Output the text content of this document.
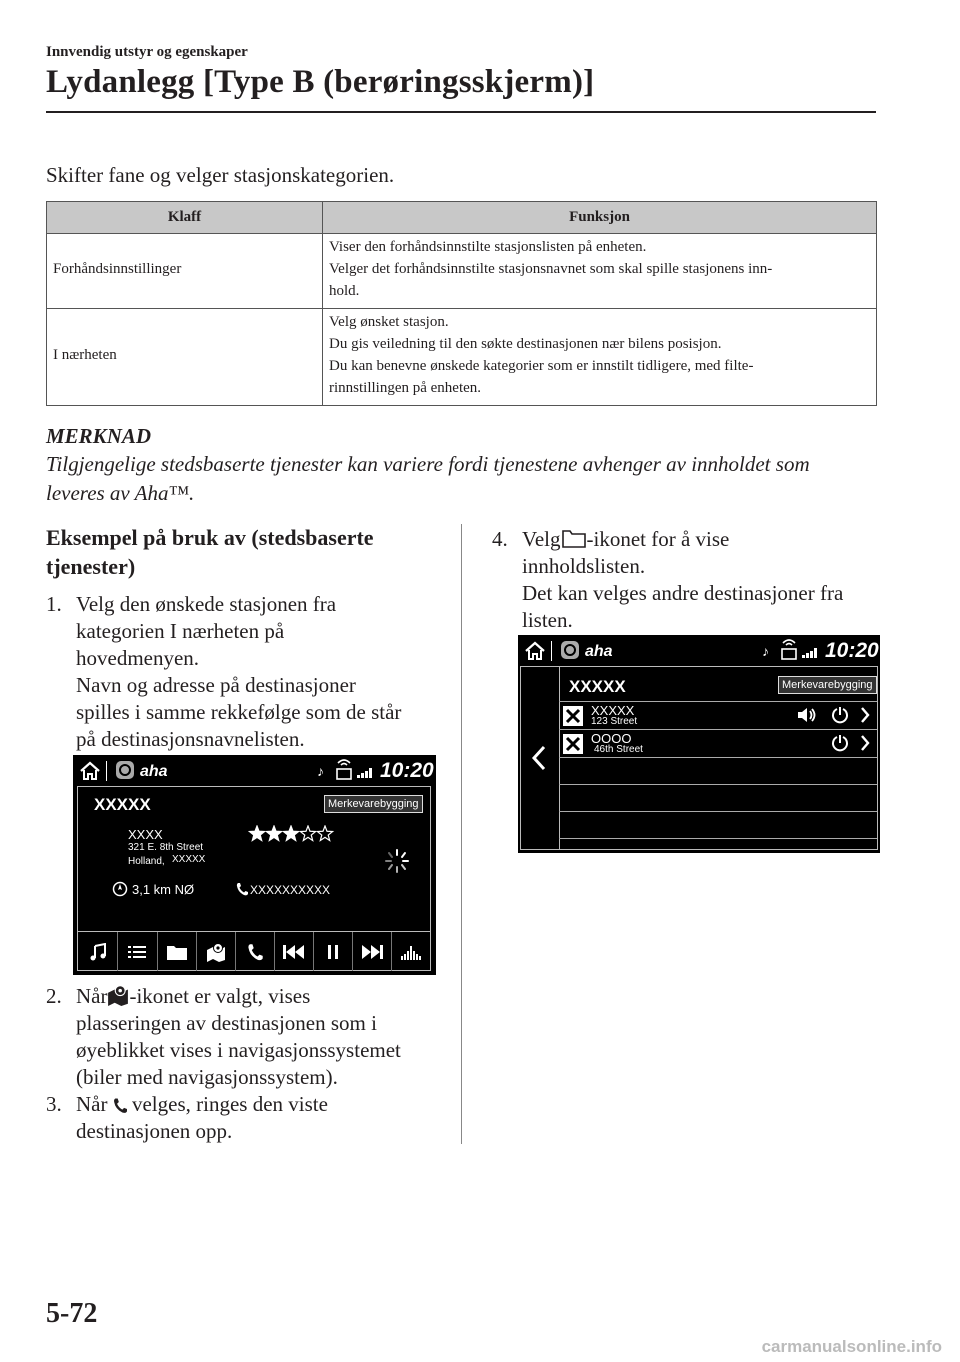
Innvendig utstyr og egenskaper
Lydanlegg [Type B (berøringsskjerm)]
Skifter fane og velger stasjonskategorien.
Klaff	Funksjon
Forhåndsinnstillinger	Viser den forhåndsinnstilte stasjonslisten på enheten.
Velger det forhåndsinnstilte stasjonsnavnet som skal spille stasjonens inn-
hold.

I nærheten	Velg ønsket stasjon.
Du gis veiledning til den søkte destinasjonen nær bilens posisjon.
Du kan benevne ønskede kategorier som er innstilt tidligere, med filte-
rinnstillingen på enheten.
MERKNAD
Tilgjengelige stedsbaserte tjenester kan variere fordi tjenestene avhenger av innholdet som
leveres av Aha™.
Eksempel på bruk av (stedsbaserte
tjenester)
1. Velg den ønskede stasjonen fra
kategorien I nærheten på
hovedmenyen.
Navn og adresse på destinasjoner
spilles i samme rekkefølge som de står
på destinasjonsnavnelisten.
aha	♪	10:20
XXXXX	Merkevarebygging
XXXX
321 E. 8th Street
Holland, XXXXX
3,1 km NØ	XXXXXXXXXX
2. Når -ikonet er valgt, vises
plasseringen av destinasjonen som i
øyeblikket vises i navigasjonssystemet
(biler med navigasjonssystem).
3. Når velges, ringes den viste
destinasjonen opp.
4. Velg -ikonet for å vise
innholdslisten.
Det kan velges andre destinasjoner fra
listen.
aha	♪	10:20
XXXXX	Merkevarebygging
XXXXX
123 Street
OOOO
46th Street
5-72
carmanualsonline.info
